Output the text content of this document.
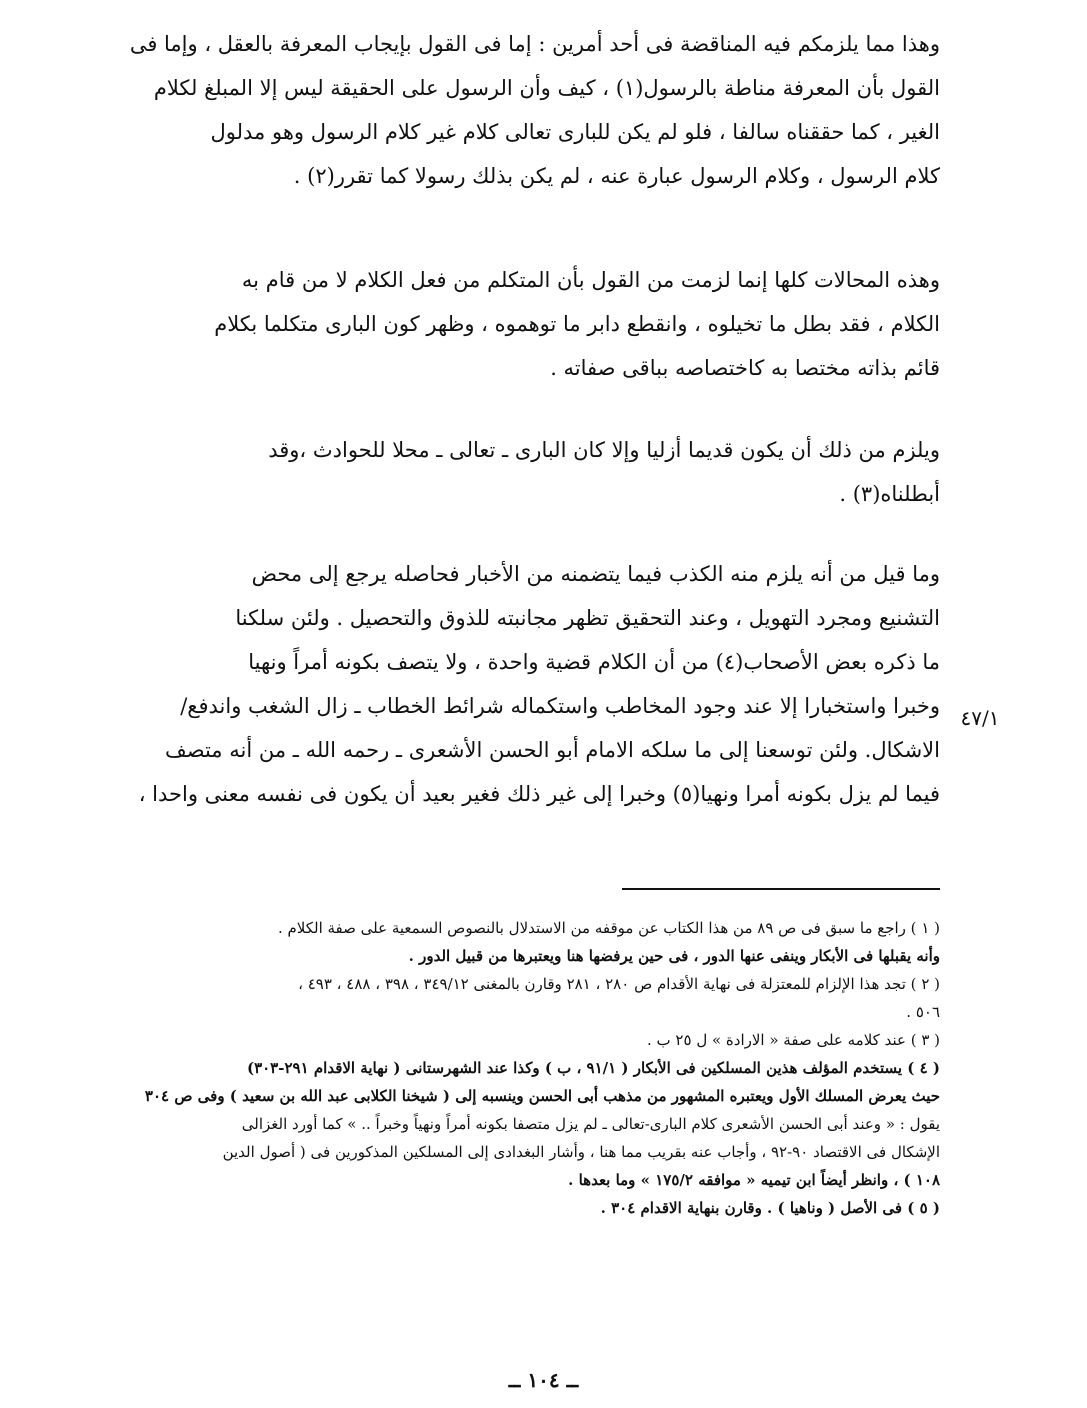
وهذا مما يلزمكم فيه المناقضة فى أحد أمرين : إما فى القول بإيجاب المعرفة بالعقل ، وإما فى
القول بأن المعرفة مناطة بالرسول(١) ، كيف وأن الرسول على الحقيقة ليس إلا المبلغ لكلام
الغير ، كما حققناه سالفا ، فلو لم يكن للبارى تعالى كلام غير كلام الرسول وهو مدلول
كلام الرسول ، وكلام الرسول عبارة عنه ، لم يكن بذلك رسولا كما تقرر(٢) .
وهذه المحالات كلها إنما لزمت من القول بأن المتكلم من فعل الكلام لا من قام به
الكلام ، فقد بطل ما تخيلوه ، وانقطع دابر ما توهموه ، وظهر كون البارى متكلما بكلام
قائم بذاته مختصا به كاختصاصه بباقى صفاته .
ويلزم من ذلك أن يكون قديما أزليا وإلا كان البارى ـ تعالى ـ محلا للحوادث ،وقد
أبطلناه(٣) .
وما قيل من أنه يلزم منه الكذب فيما يتضمنه من الأخبار فحاصله يرجع إلى محض
التشنيع ومجرد التهويل ، وعند التحقيق تظهر مجانبته للذوق والتحصيل . ولئن سلكنا
ما ذكره بعض الأصحاب(٤) من أن الكلام قضية واحدة ، ولا يتصف بكونه أمراً ونهيا
وخبرا واستخبارا إلا عند وجود المخاطب واستكماله شرائط الخطاب ـ زال الشغب واندفع/
الاشكال. ولئن توسعنا إلى ما سلكه الامام أبو الحسن الأشعرى ـ رحمه الله ـ من أنه متصف
فيما لم يزل بكونه أمرا ونهيا(٥) وخبرا إلى غير ذلك فغير بعيد أن يكون فى نفسه معنى واحدا ،
٤٧/١
( ١ ) راجع ما سبق فى ص ٨٩ من هذا الكتاب عن موقفه من الاستدلال بالنصوص السمعية على صفة الكلام .
وأنه يقبلها فى الأبكار وينفى عنها الدور ، فى حين يرفضها هنا ويعتبرها من قبيل الدور .
( ٢ ) تجد هذا الإلزام للمعتزلة فى نهاية الأقدام ص ٢٨٠ ، ٢٨١ وقارن بالمغنى ٣٤٩/١٢ ، ٣٩٨ ، ٤٨٨ ، ٤٩٣ ،
٥٠٦ .
( ٣ ) عند كلامه على صفة « الارادة » ل ٢٥ ب .
( ٤ ) يستخدم المؤلف هذين المسلكين فى الأبكار ( ٩١/١ ، ب ) وكذا عند الشهرستانى ( نهاية الاقدام ٢٩١-٣٠٣)
حيث يعرض المسلك الأول ويعتبره المشهور من مذهب أبى الحسن وينسبه إلى ( شيخنا الكلابى عبد الله بن سعيد ) وفى ص ٣٠٤
يقول : « وعند أبى الحسن الأشعرى كلام البارى-تعالى ـ لم يزل متصفا بكونه أمراً ونهياً وخبراً .. » كما أورد الغزالى
الإشكال فى الاقتصاد ٩٠-٩٢ ، وأجاب عنه بقريب مما هنا ، وأشار البغدادى إلى المسلكين المذكورين فى ( أصول الدين
١٠٨ ) ، وانظر أيضاً ابن تيميه « موافقه ١٧٥/٢ » وما بعدها .
( ٥ ) فى الأصل ( وناهيا ) . وقارن بنهاية الاقدام ٣٠٤ .
ــ ١٠٤ ــ
